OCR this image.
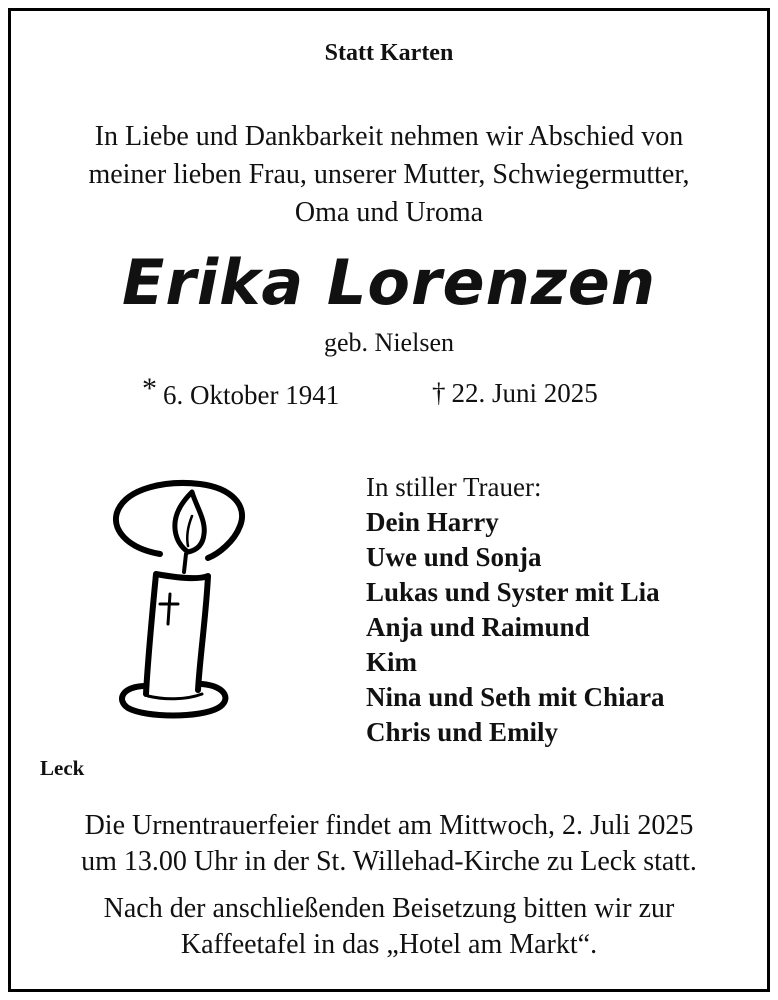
Statt Karten
In Liebe und Dankbarkeit nehmen wir Abschied von
meiner lieben Frau, unserer Mutter, Schwiegermutter,
Oma und Uroma
Erika Lorenzen
geb. Nielsen
* 6. Oktober 1941	† 22. Juni 2025
In stiller Trauer:
Dein Harry
Uwe und Sonja
Lukas und Syster mit Lia
Anja und Raimund
Kim
Nina und Seth mit Chiara
Chris und Emily
Leck
Die Urnentrauerfeier findet am Mittwoch, 2. Juli 2025
um 13.00 Uhr in der St. Willehad-Kirche zu Leck statt.
Nach der anschließenden Beisetzung bitten wir zur
Kaffeetafel in das „Hotel am Markt“.
